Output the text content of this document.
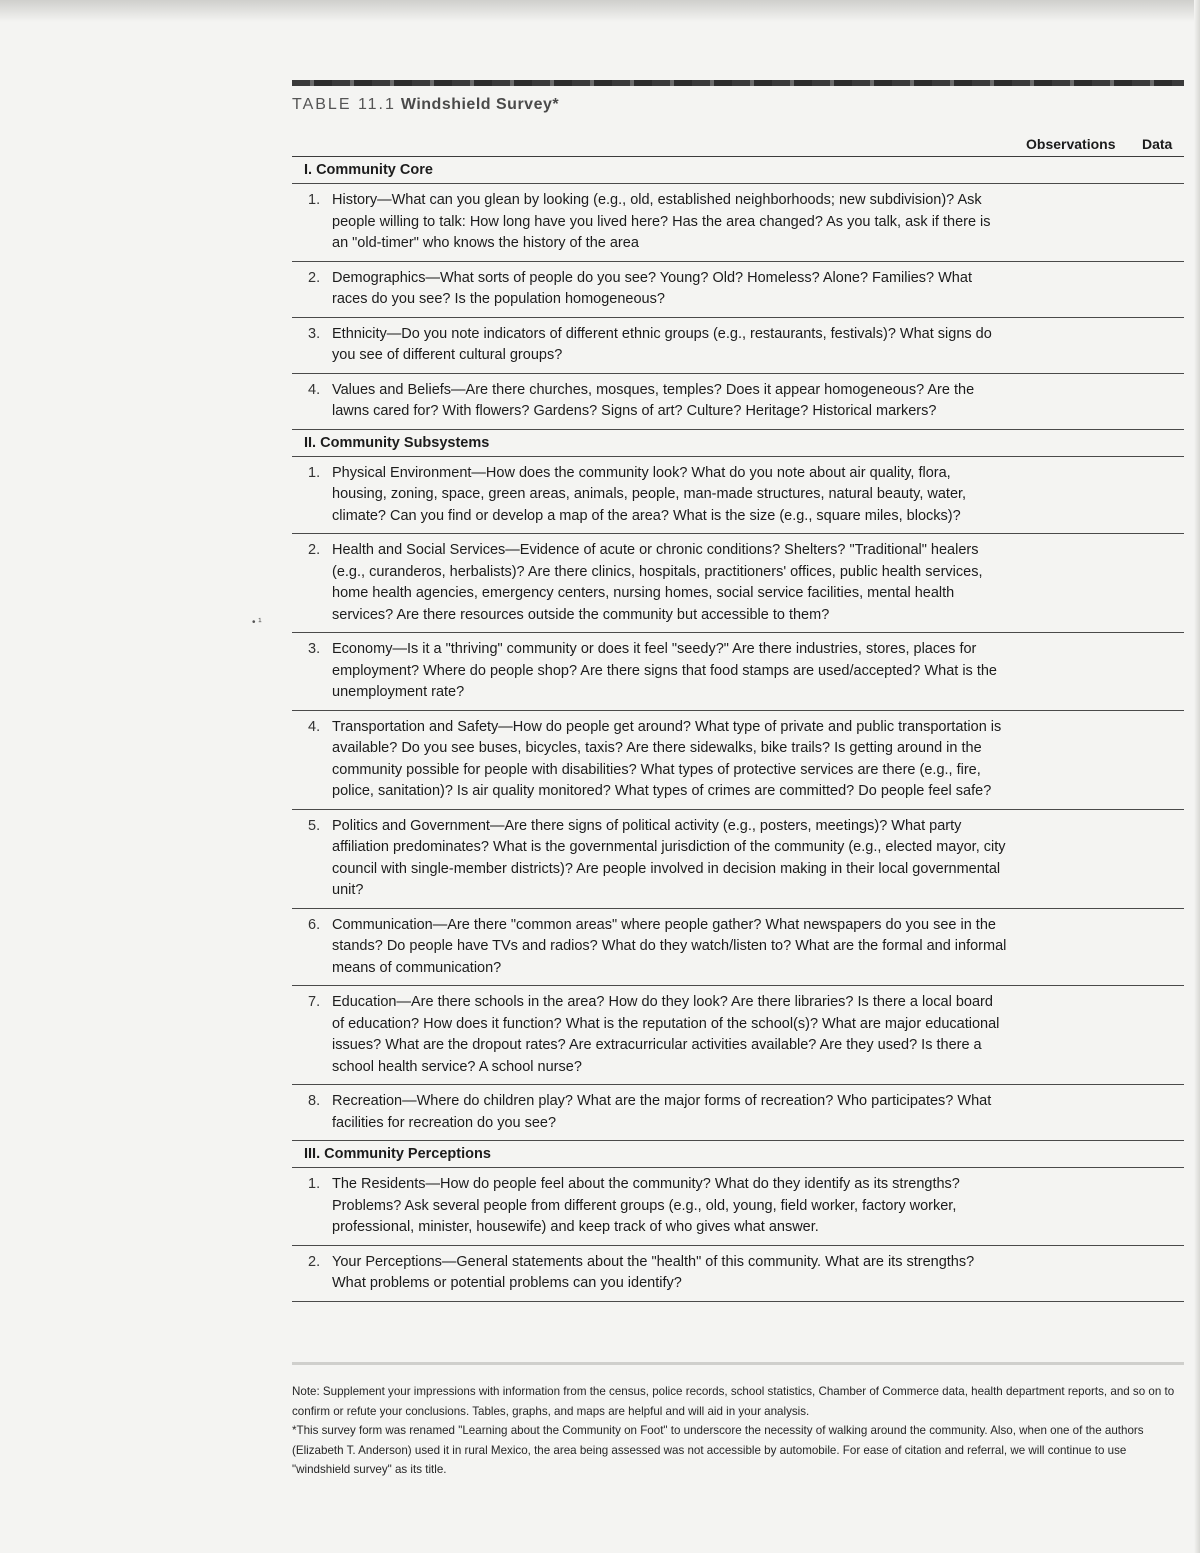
• ¹
TABLE 11.1 Windshield Survey*
Observations Data
I. Community Core
1. History—What can you glean by looking (e.g., old, established neighborhoods; new subdivision)? Ask people willing to talk: How long have you lived here? Has the area changed? As you talk, ask if there is an "old-timer" who knows the history of the area
2. Demographics—What sorts of people do you see? Young? Old? Homeless? Alone? Families? What races do you see? Is the population homogeneous?
3. Ethnicity—Do you note indicators of different ethnic groups (e.g., restaurants, festivals)? What signs do you see of different cultural groups?
4. Values and Beliefs—Are there churches, mosques, temples? Does it appear homogeneous? Are the lawns cared for? With flowers? Gardens? Signs of art? Culture? Heritage? Historical markers?
II. Community Subsystems
1. Physical Environment—How does the community look? What do you note about air quality, flora, housing, zoning, space, green areas, animals, people, man-made structures, natural beauty, water, climate? Can you find or develop a map of the area? What is the size (e.g., square miles, blocks)?
2. Health and Social Services—Evidence of acute or chronic conditions? Shelters? "Traditional" healers (e.g., curanderos, herbalists)? Are there clinics, hospitals, practitioners' offices, public health services, home health agencies, emergency centers, nursing homes, social service facilities, mental health services? Are there resources outside the community but accessible to them?
3. Economy—Is it a "thriving" community or does it feel "seedy?" Are there industries, stores, places for employment? Where do people shop? Are there signs that food stamps are used/accepted? What is the unemployment rate?
4. Transportation and Safety—How do people get around? What type of private and public transportation is available? Do you see buses, bicycles, taxis? Are there sidewalks, bike trails? Is getting around in the community possible for people with disabilities? What types of protective services are there (e.g., fire, police, sanitation)? Is air quality monitored? What types of crimes are committed? Do people feel safe?
5. Politics and Government—Are there signs of political activity (e.g., posters, meetings)? What party affiliation predominates? What is the governmental jurisdiction of the community (e.g., elected mayor, city council with single-member districts)? Are people involved in decision making in their local governmental unit?
6. Communication—Are there "common areas" where people gather? What newspapers do you see in the stands? Do people have TVs and radios? What do they watch/listen to? What are the formal and informal means of communication?
7. Education—Are there schools in the area? How do they look? Are there libraries? Is there a local board of education? How does it function? What is the reputation of the school(s)? What are major educational issues? What are the dropout rates? Are extracurricular activities available? Are they used? Is there a school health service? A school nurse?
8. Recreation—Where do children play? What are the major forms of recreation? Who participates? What facilities for recreation do you see?
III. Community Perceptions
1. The Residents—How do people feel about the community? What do they identify as its strengths? Problems? Ask several people from different groups (e.g., old, young, field worker, factory worker, professional, minister, housewife) and keep track of who gives what answer.
2. Your Perceptions—General statements about the "health" of this community. What are its strengths? What problems or potential problems can you identify?

Note: Supplement your impressions with information from the census, police records, school statistics, Chamber of Commerce data, health department reports, and so on to confirm or refute your conclusions. Tables, graphs, and maps are helpful and will aid in your analysis.

*This survey form was renamed "Learning about the Community on Foot" to underscore the necessity of walking around the community. Also, when one of the authors (Elizabeth T. Anderson) used it in rural Mexico, the area being assessed was not accessible by automobile. For ease of citation and referral, we will continue to use "windshield survey" as its title.
